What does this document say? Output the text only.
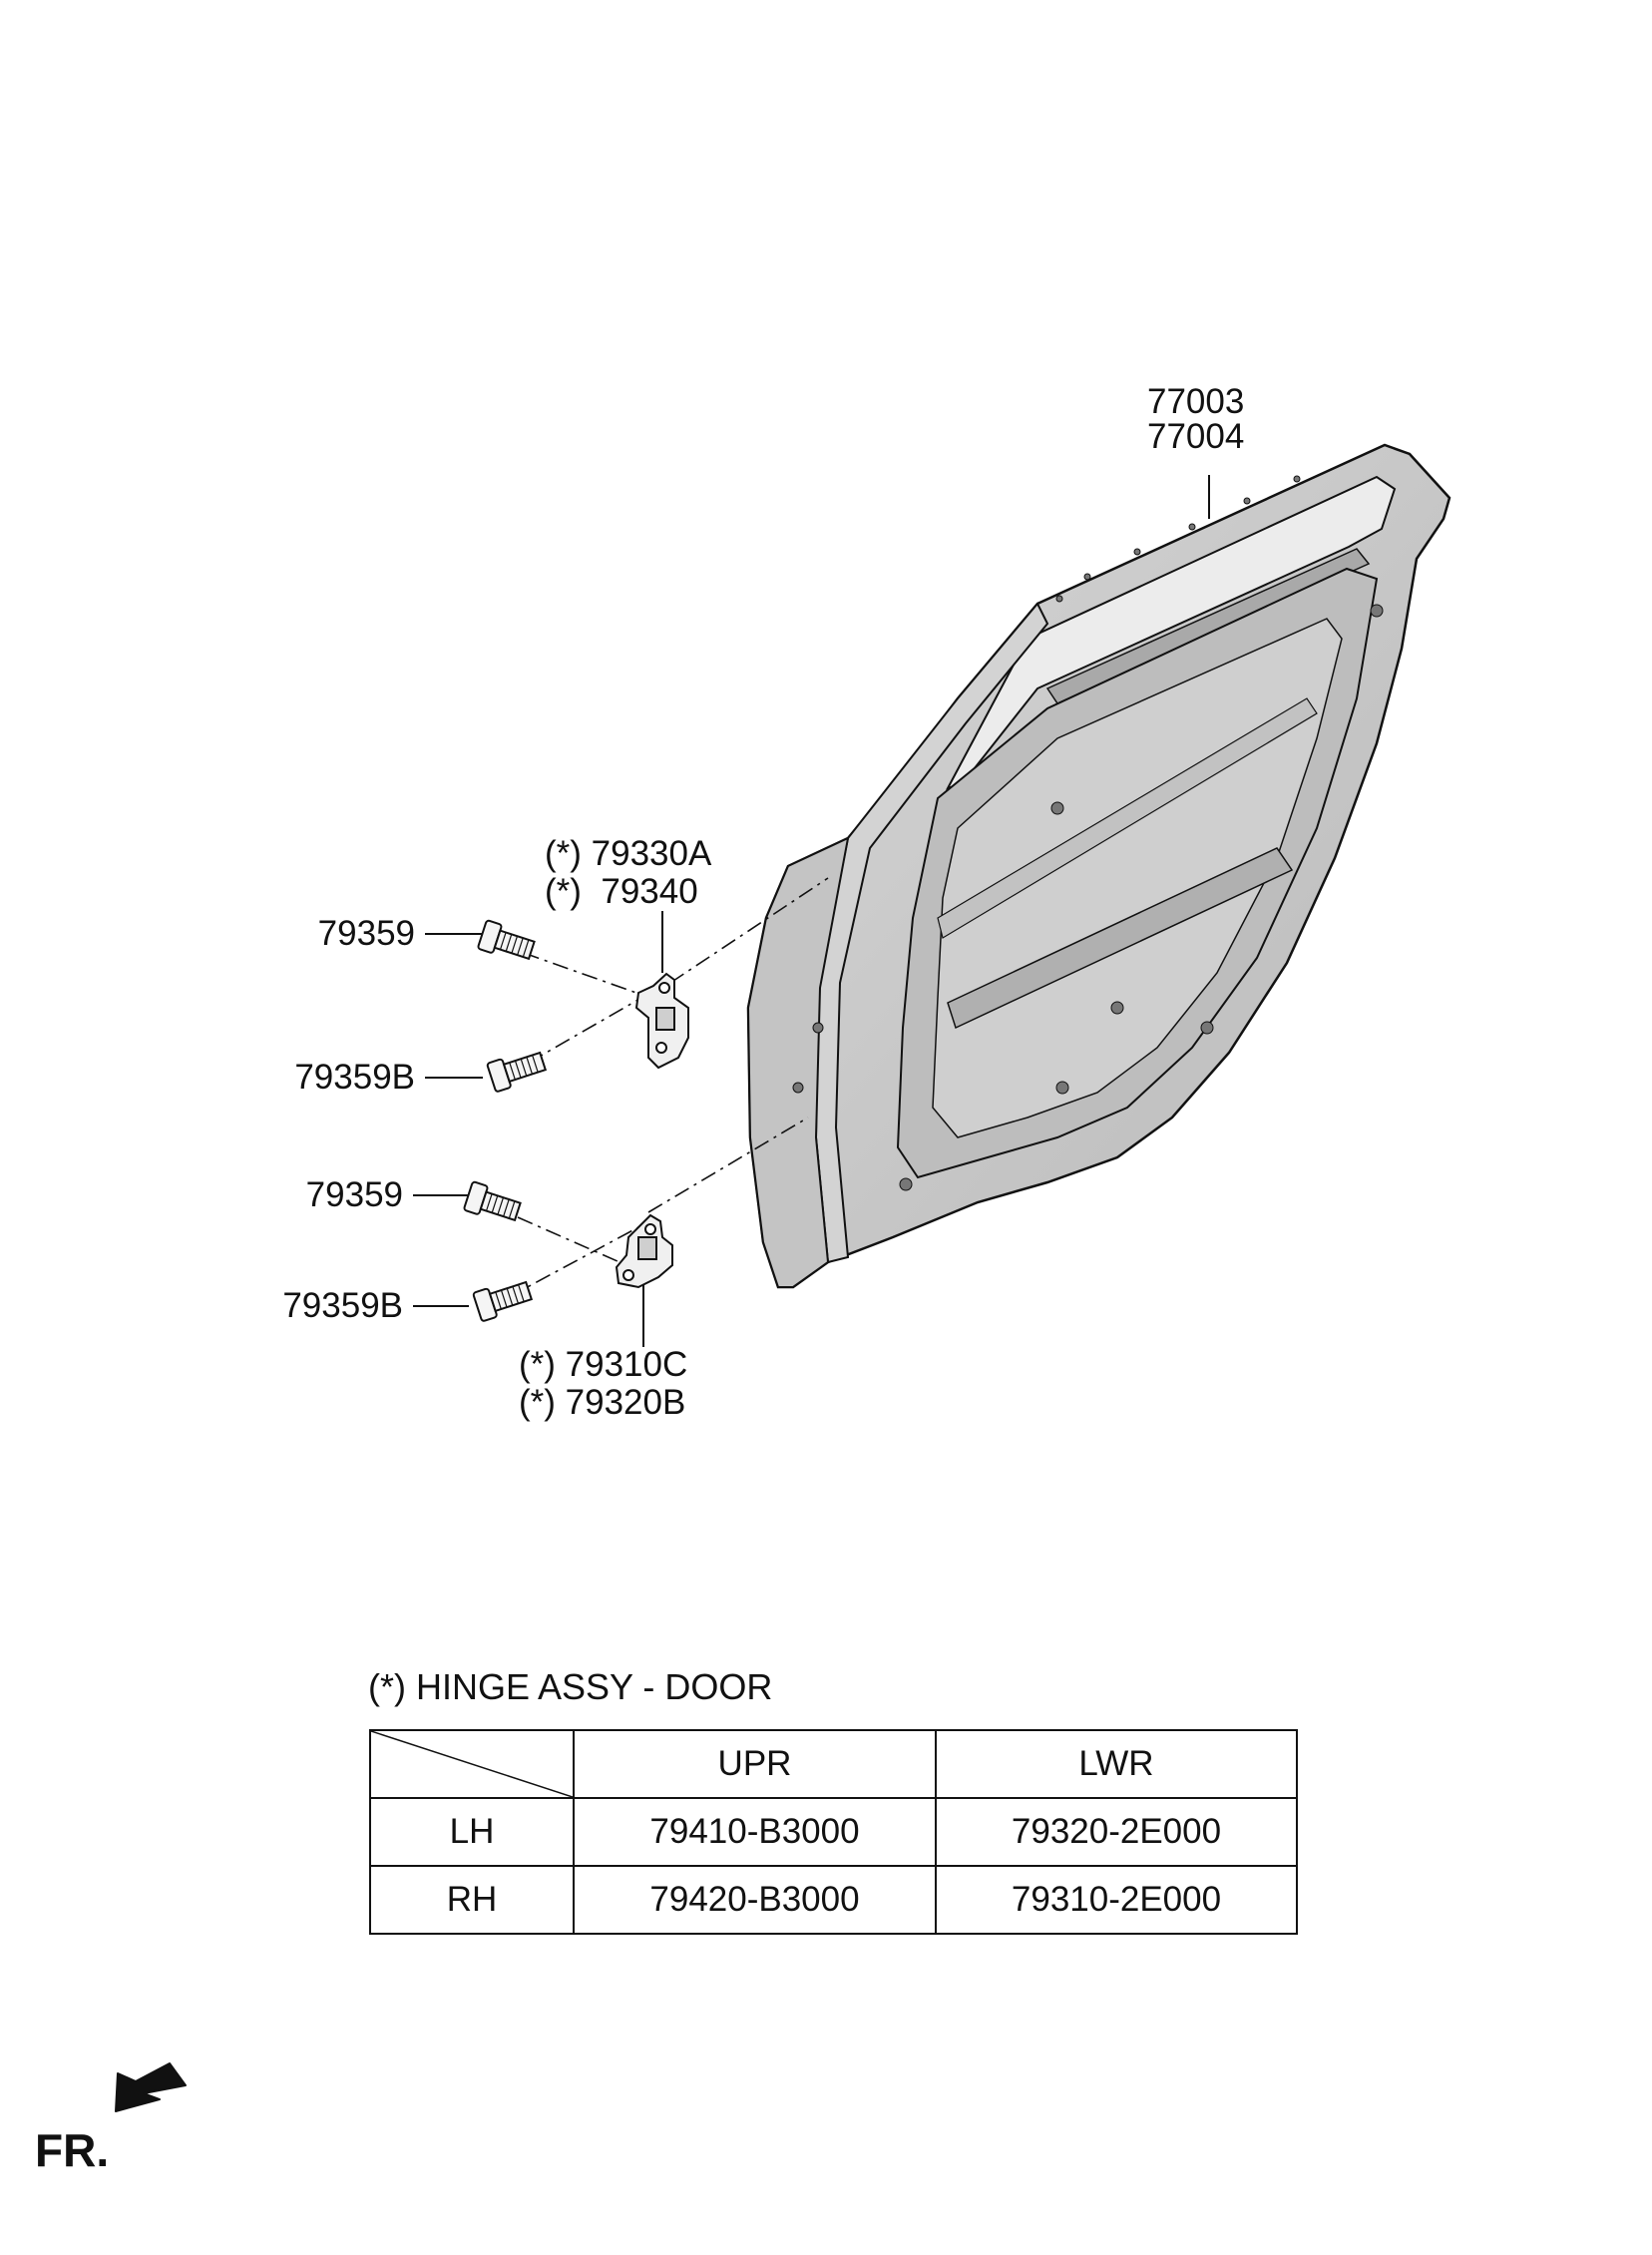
77003
77004
(*) 79330A
(*)  79340
79359
79359B
79359
79359B
(*) 79310C
(*) 79320B
(*) HINGE ASSY - DOOR
	UPR	LWR
LH	79410-B3000	79320-2E000
RH	79420-B3000	79310-2E000
FR.
